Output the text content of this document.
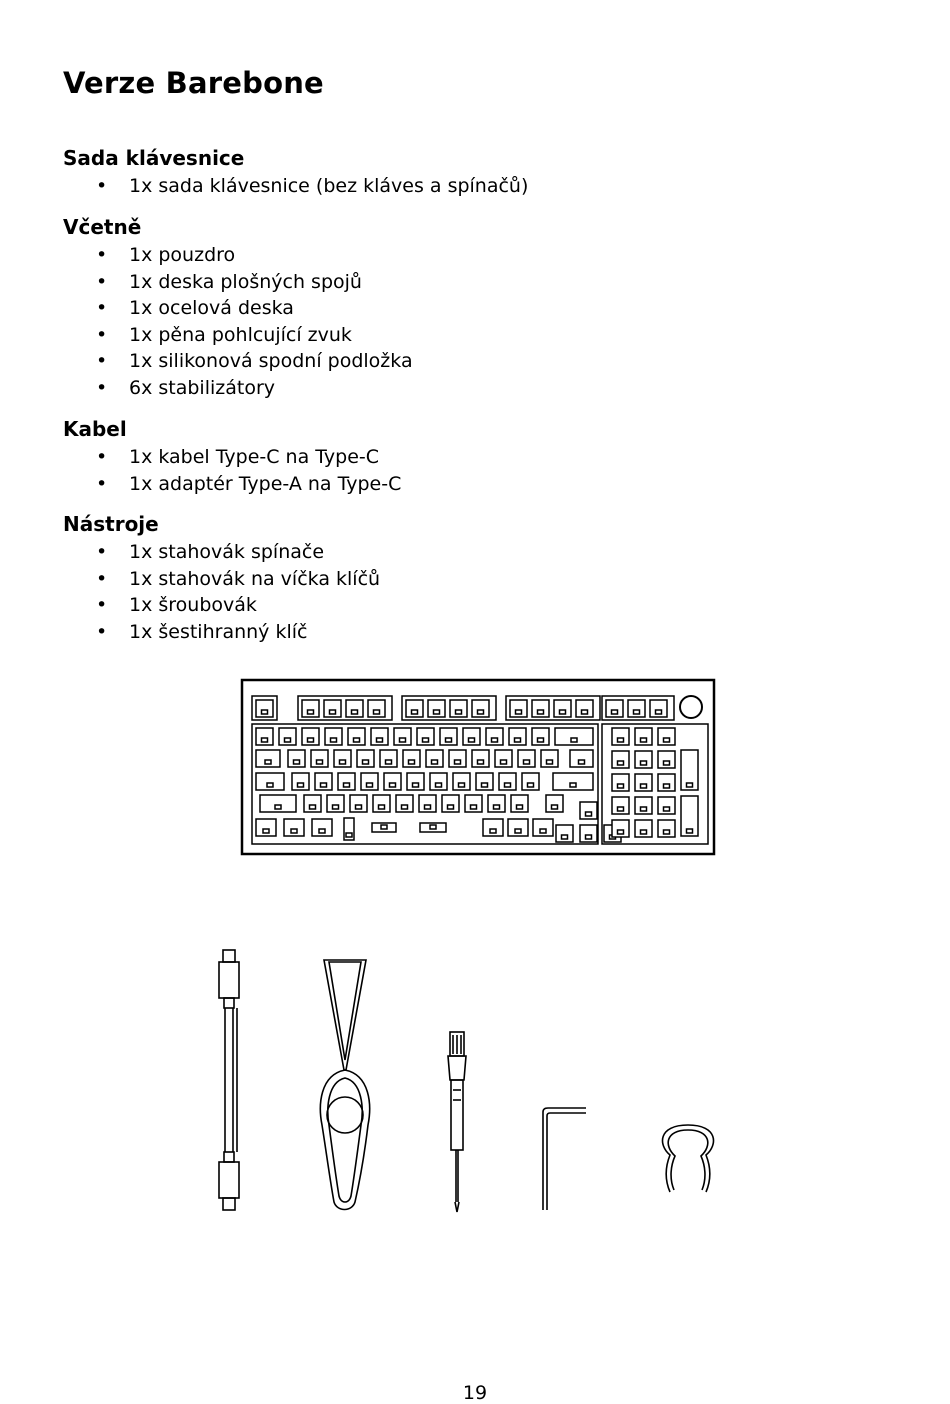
Verze Barebone
Sada klávesnice
• 1x sada klávesnice (bez kláves a spínačů)
Včetně
• 1x pouzdro
• 1x deska plošných spojů
• 1x ocelová deska
• 1x pěna pohlcující zvuk
• 1x silikonová spodní podložka
• 6x stabilizátory
Kabel
• 1x kabel Type-C na Type-C
• 1x adaptér Type-A na Type-C
Nástroje
• 1x stahovák spínače
• 1x stahovák na víčka klíčů
• 1x šroubovák
• 1x šestihranný klíč
19
